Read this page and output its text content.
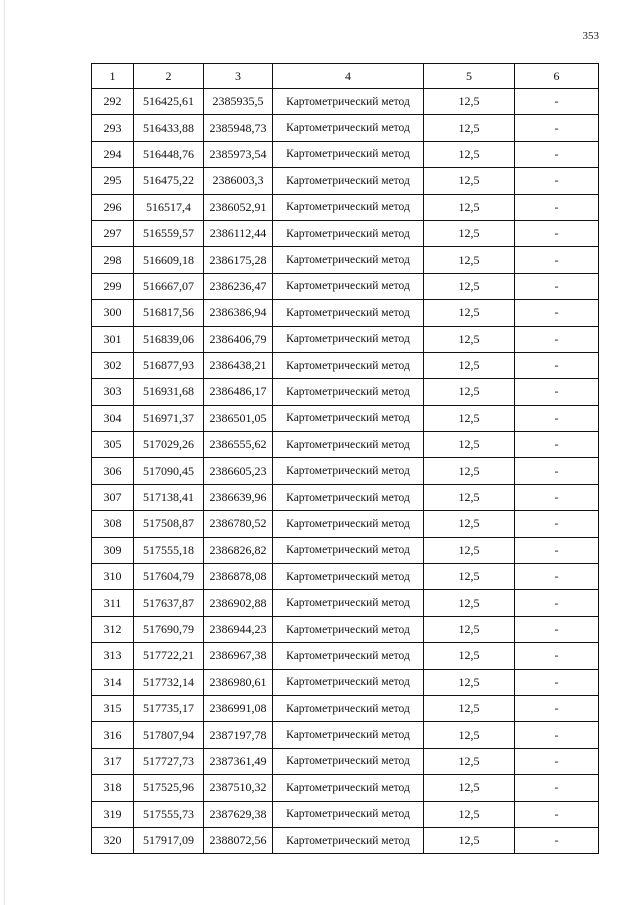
353
1	2	3	4	5	6
292	516425,61	2385935,5	Картометрический метод	12,5	-
293	516433,88	2385948,73	Картометрический метод	12,5	-
294	516448,76	2385973,54	Картометрический метод	12,5	-
295	516475,22	2386003,3	Картометрический метод	12,5	-
296	516517,4	2386052,91	Картометрический метод	12,5	-
297	516559,57	2386112,44	Картометрический метод	12,5	-
298	516609,18	2386175,28	Картометрический метод	12,5	-
299	516667,07	2386236,47	Картометрический метод	12,5	-
300	516817,56	2386386,94	Картометрический метод	12,5	-
301	516839,06	2386406,79	Картометрический метод	12,5	-
302	516877,93	2386438,21	Картометрический метод	12,5	-
303	516931,68	2386486,17	Картометрический метод	12,5	-
304	516971,37	2386501,05	Картометрический метод	12,5	-
305	517029,26	2386555,62	Картометрический метод	12,5	-
306	517090,45	2386605,23	Картометрический метод	12,5	-
307	517138,41	2386639,96	Картометрический метод	12,5	-
308	517508,87	2386780,52	Картометрический метод	12,5	-
309	517555,18	2386826,82	Картометрический метод	12,5	-
310	517604,79	2386878,08	Картометрический метод	12,5	-
311	517637,87	2386902,88	Картометрический метод	12,5	-
312	517690,79	2386944,23	Картометрический метод	12,5	-
313	517722,21	2386967,38	Картометрический метод	12,5	-
314	517732,14	2386980,61	Картометрический метод	12,5	-
315	517735,17	2386991,08	Картометрический метод	12,5	-
316	517807,94	2387197,78	Картометрический метод	12,5	-
317	517727,73	2387361,49	Картометрический метод	12,5	-
318	517525,96	2387510,32	Картометрический метод	12,5	-
319	517555,73	2387629,38	Картометрический метод	12,5	-
320	517917,09	2388072,56	Картометрический метод	12,5	-
